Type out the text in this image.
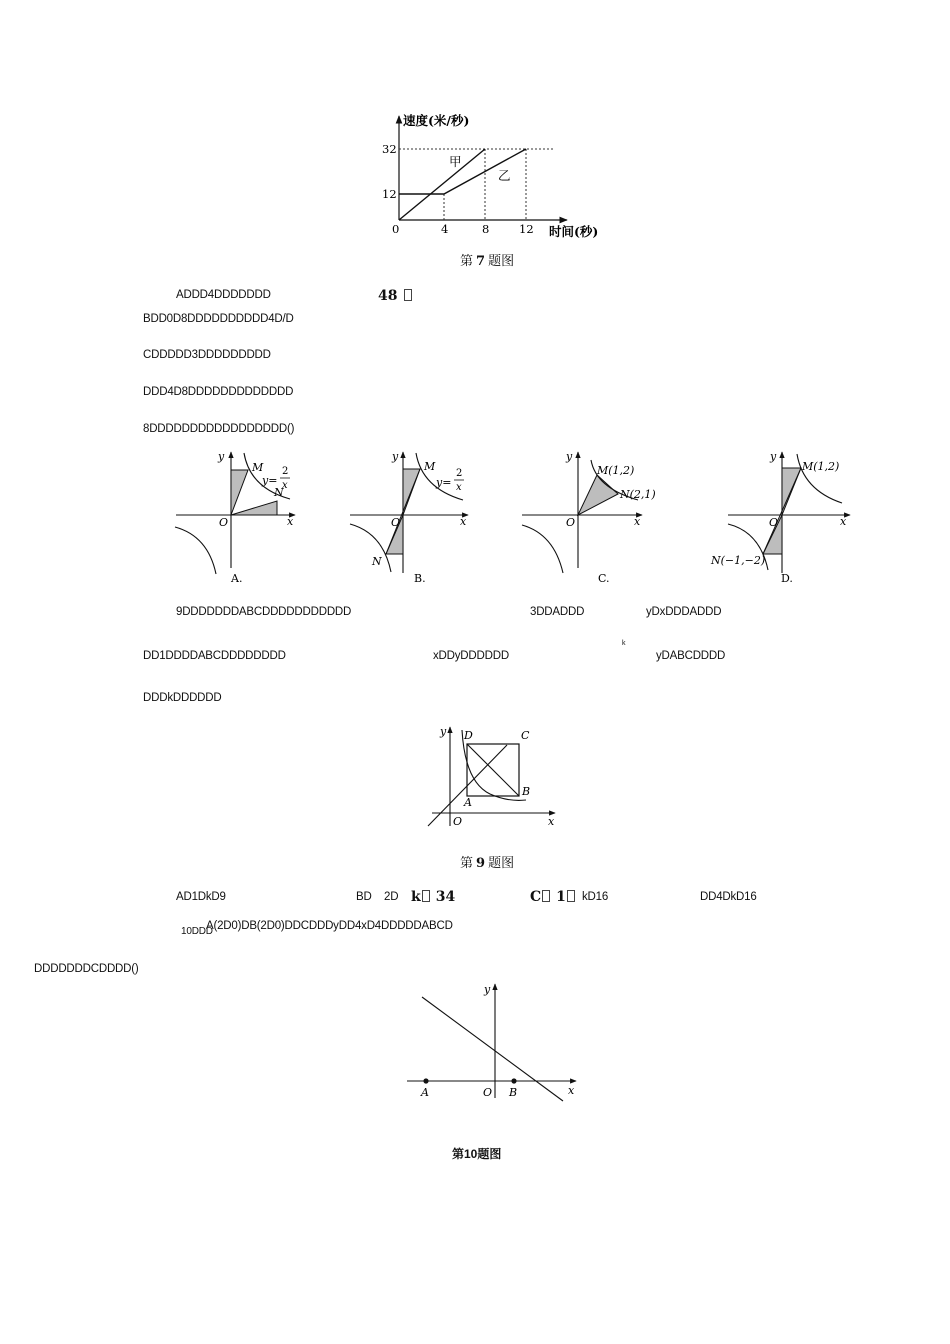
速度(米/秒)
32
12
0	4	8	12 时间(秒)
甲
乙
第 7 题图
ADDD4DDDDDDD	48
BDD0D8DDDDDDDDDD4D/D
CDDDDD3DDDDDDDDD
DDD4D8DDDDDDDDDDDDD
8DDDDDDDDDDDDDDDDD()
y
x
O
M
N
y=
2
x
A.
y
x
O
M
N
y=
2
x
B.
y
x
O
M(1,2)
N(2,1)
C.
y
x
O
M(1,2)
N(−1,−2)
D.
9DDDDDDDABCDDDDDDDDDDD	3DDADDD	yDxDDDADDD
DD1DDDDABCDDDDDDDD	xDDyDDDDDD
k
yDABCDDDD
DDDkDDDDDD
y
x
O
D	C
A
B
第 9 题图
AD1DkD9	BD 2D k 34	C 1	kD16	DD4DkD16
10DDD
A(2D0)DB(2D0)DDCDDDyDD4xD4DDDDDABCD
DDDDDDDCDDDD()
y
x
A	O B
第10题图
